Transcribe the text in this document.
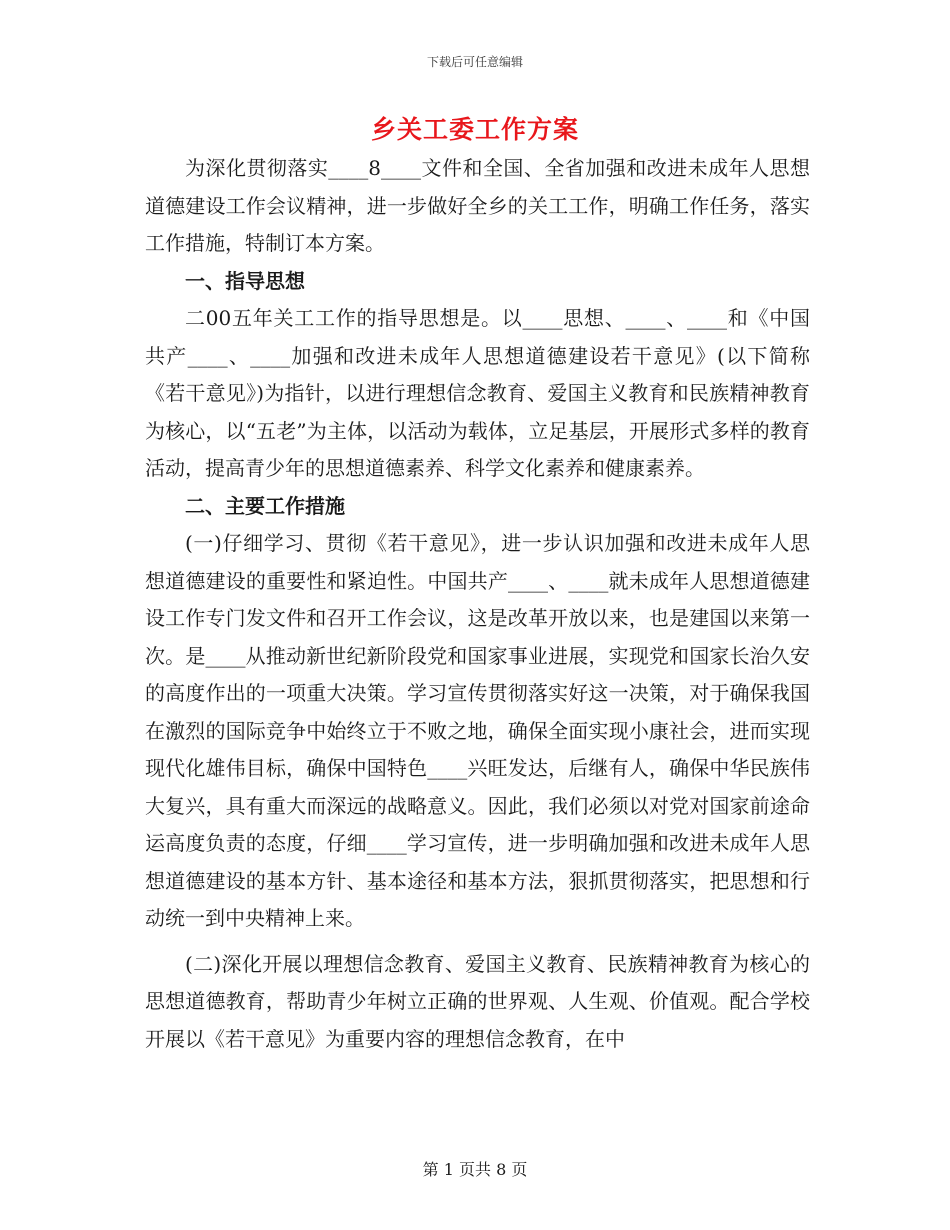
下载后可任意编辑
乡关工委工作方案

为深化贯彻落实____8____文件和全国、全省加强和改进未成年人思想道德建设工作会议精神，进一步做好全乡的关工工作，明确工作任务，落实工作措施，特制订本方案。

一、指导思想

二00五年关工工作的指导思想是。以____思想、____、____和《中国共产____、____加强和改进未成年人思想道德建设若干意见》(以下简称《若干意见》)为指针，以进行理想信念教育、爱国主义教育和民族精神教育为核心，以“五老”为主体，以活动为载体，立足基层，开展形式多样的教育活动，提高青少年的思想道德素养、科学文化素养和健康素养。

二、主要工作措施

(一)仔细学习、贯彻《若干意见》，进一步认识加强和改进未成年人思想道德建设的重要性和紧迫性。中国共产____、____就未成年人思想道德建设工作专门发文件和召开工作会议，这是改革开放以来，也是建国以来第一次。是____从推动新世纪新阶段党和国家事业进展，实现党和国家长治久安的高度作出的一项重大决策。学习宣传贯彻落实好这一决策，对于确保我国在激烈的国际竞争中始终立于不败之地，确保全面实现小康社会，进而实现现代化雄伟目标，确保中国特色____兴旺发达，后继有人，确保中华民族伟大复兴，具有重大而深远的战略意义。因此，我们必须以对党对国家前途命运高度负责的态度，仔细____学习宣传，进一步明确加强和改进未成年人思想道德建设的基本方针、基本途径和基本方法，狠抓贯彻落实，把思想和行动统一到中央精神上来。

(二)深化开展以理想信念教育、爱国主义教育、民族精神教育为核心的思想道德教育，帮助青少年树立正确的世界观、人生观、价值观。配合学校开展以《若干意见》为重要内容的理想信念教育，在中

第 1 页共 8 页
